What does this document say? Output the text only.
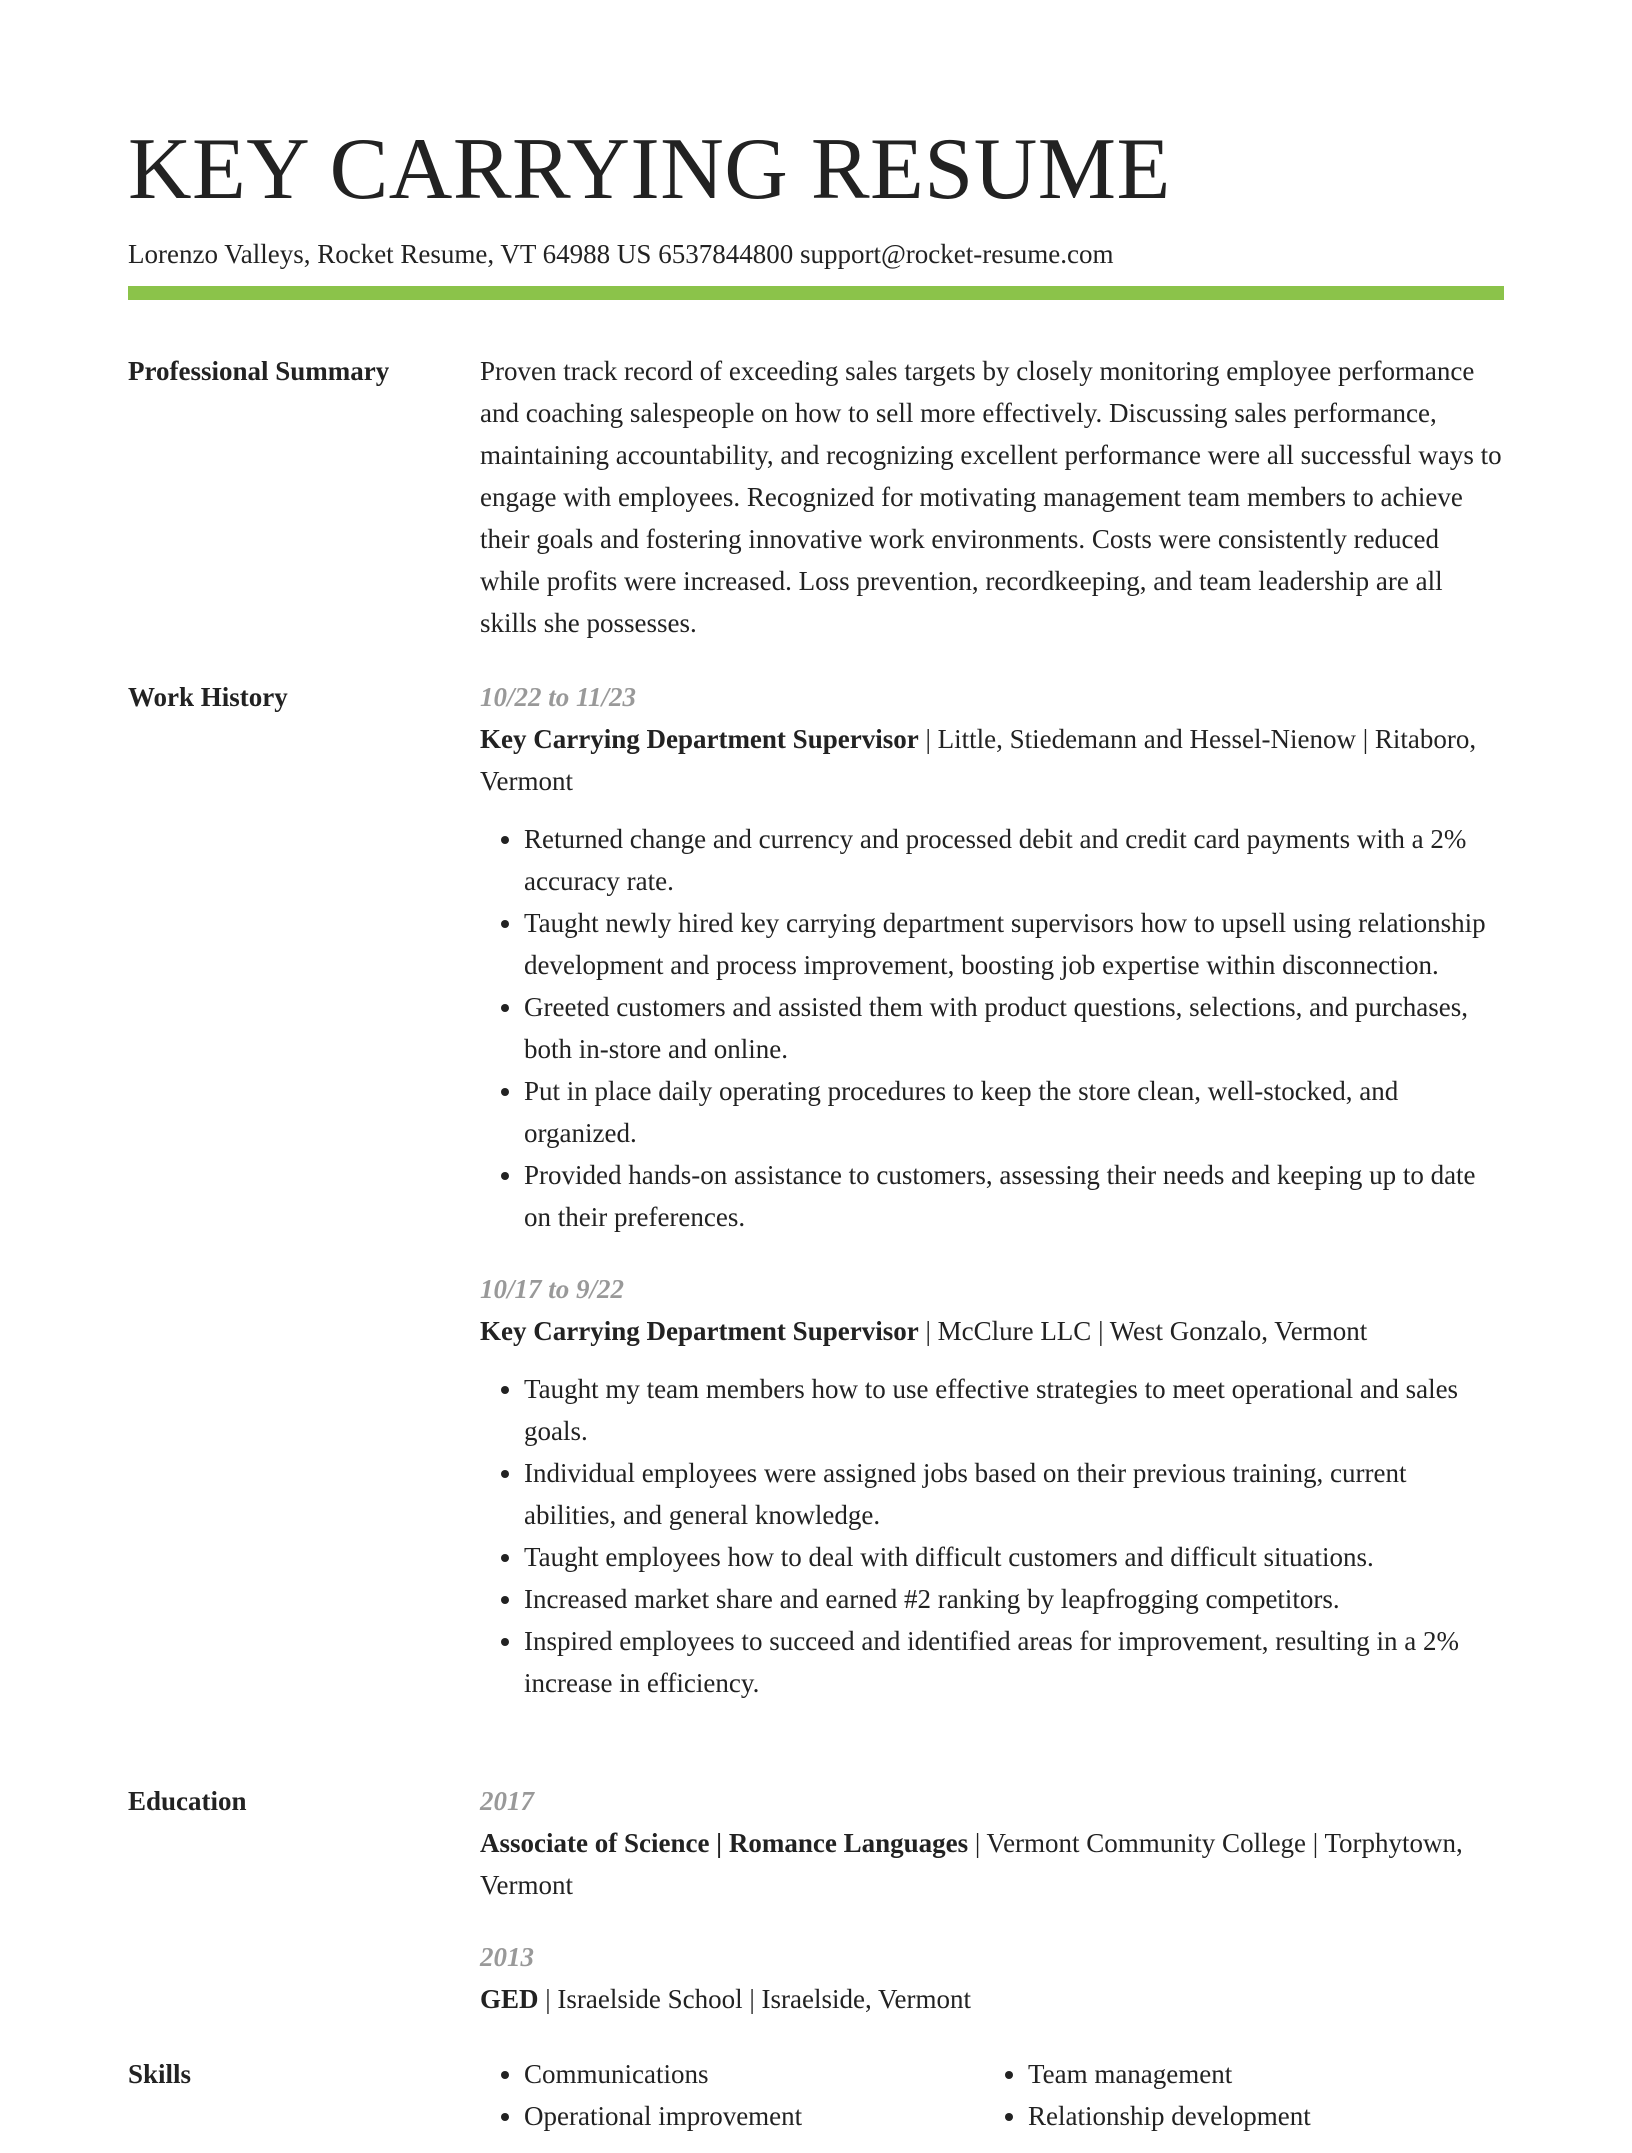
KEY CARRYING RESUME
Lorenzo Valleys, Rocket Resume, VT 64988 US 6537844800 support@rocket-resume.com
Professional Summary	Proven track record of exceeding sales targets by closely monitoring employee performance and coaching salespeople on how to sell more effectively. Discussing sales performance, maintaining accountability, and recognizing excellent performance were all successful ways to engage with employees. Recognized for motivating management team members to achieve their goals and fostering innovative work environments. Costs were consistently reduced while profits were increased. Loss prevention, recordkeeping, and team leadership are all skills she possesses.

Work History	10/22 to 11/23
Key Carrying Department Supervisor | Little, Stiedemann and Hessel-Nienow | Ritaboro, Vermont
• Returned change and currency and processed debit and credit card payments with a 2% accuracy rate.
• Taught newly hired key carrying department supervisors how to upsell using relationship development and process improvement, boosting job expertise within disconnection.
• Greeted customers and assisted them with product questions, selections, and purchases, both in-store and online.
• Put in place daily operating procedures to keep the store clean, well-stocked, and organized.
• Provided hands-on assistance to customers, assessing their needs and keeping up to date on their preferences.
10/17 to 9/22
Key Carrying Department Supervisor | McClure LLC | West Gonzalo, Vermont
• Taught my team members how to use effective strategies to meet operational and sales goals.
• Individual employees were assigned jobs based on their previous training, current abilities, and general knowledge.
• Taught employees how to deal with difficult customers and difficult situations.
• Increased market share and earned #2 ranking by leapfrogging competitors.
• Inspired employees to succeed and identified areas for improvement, resulting in a 2% increase in efficiency.
Education	2017
Associate of Science | Romance Languages | Vermont Community College | Torphytown, Vermont
2013
GED | Israelside School | Israelside, Vermont
Skills
•	Communications
• Operational improvement
• Team management
• Relationship development
